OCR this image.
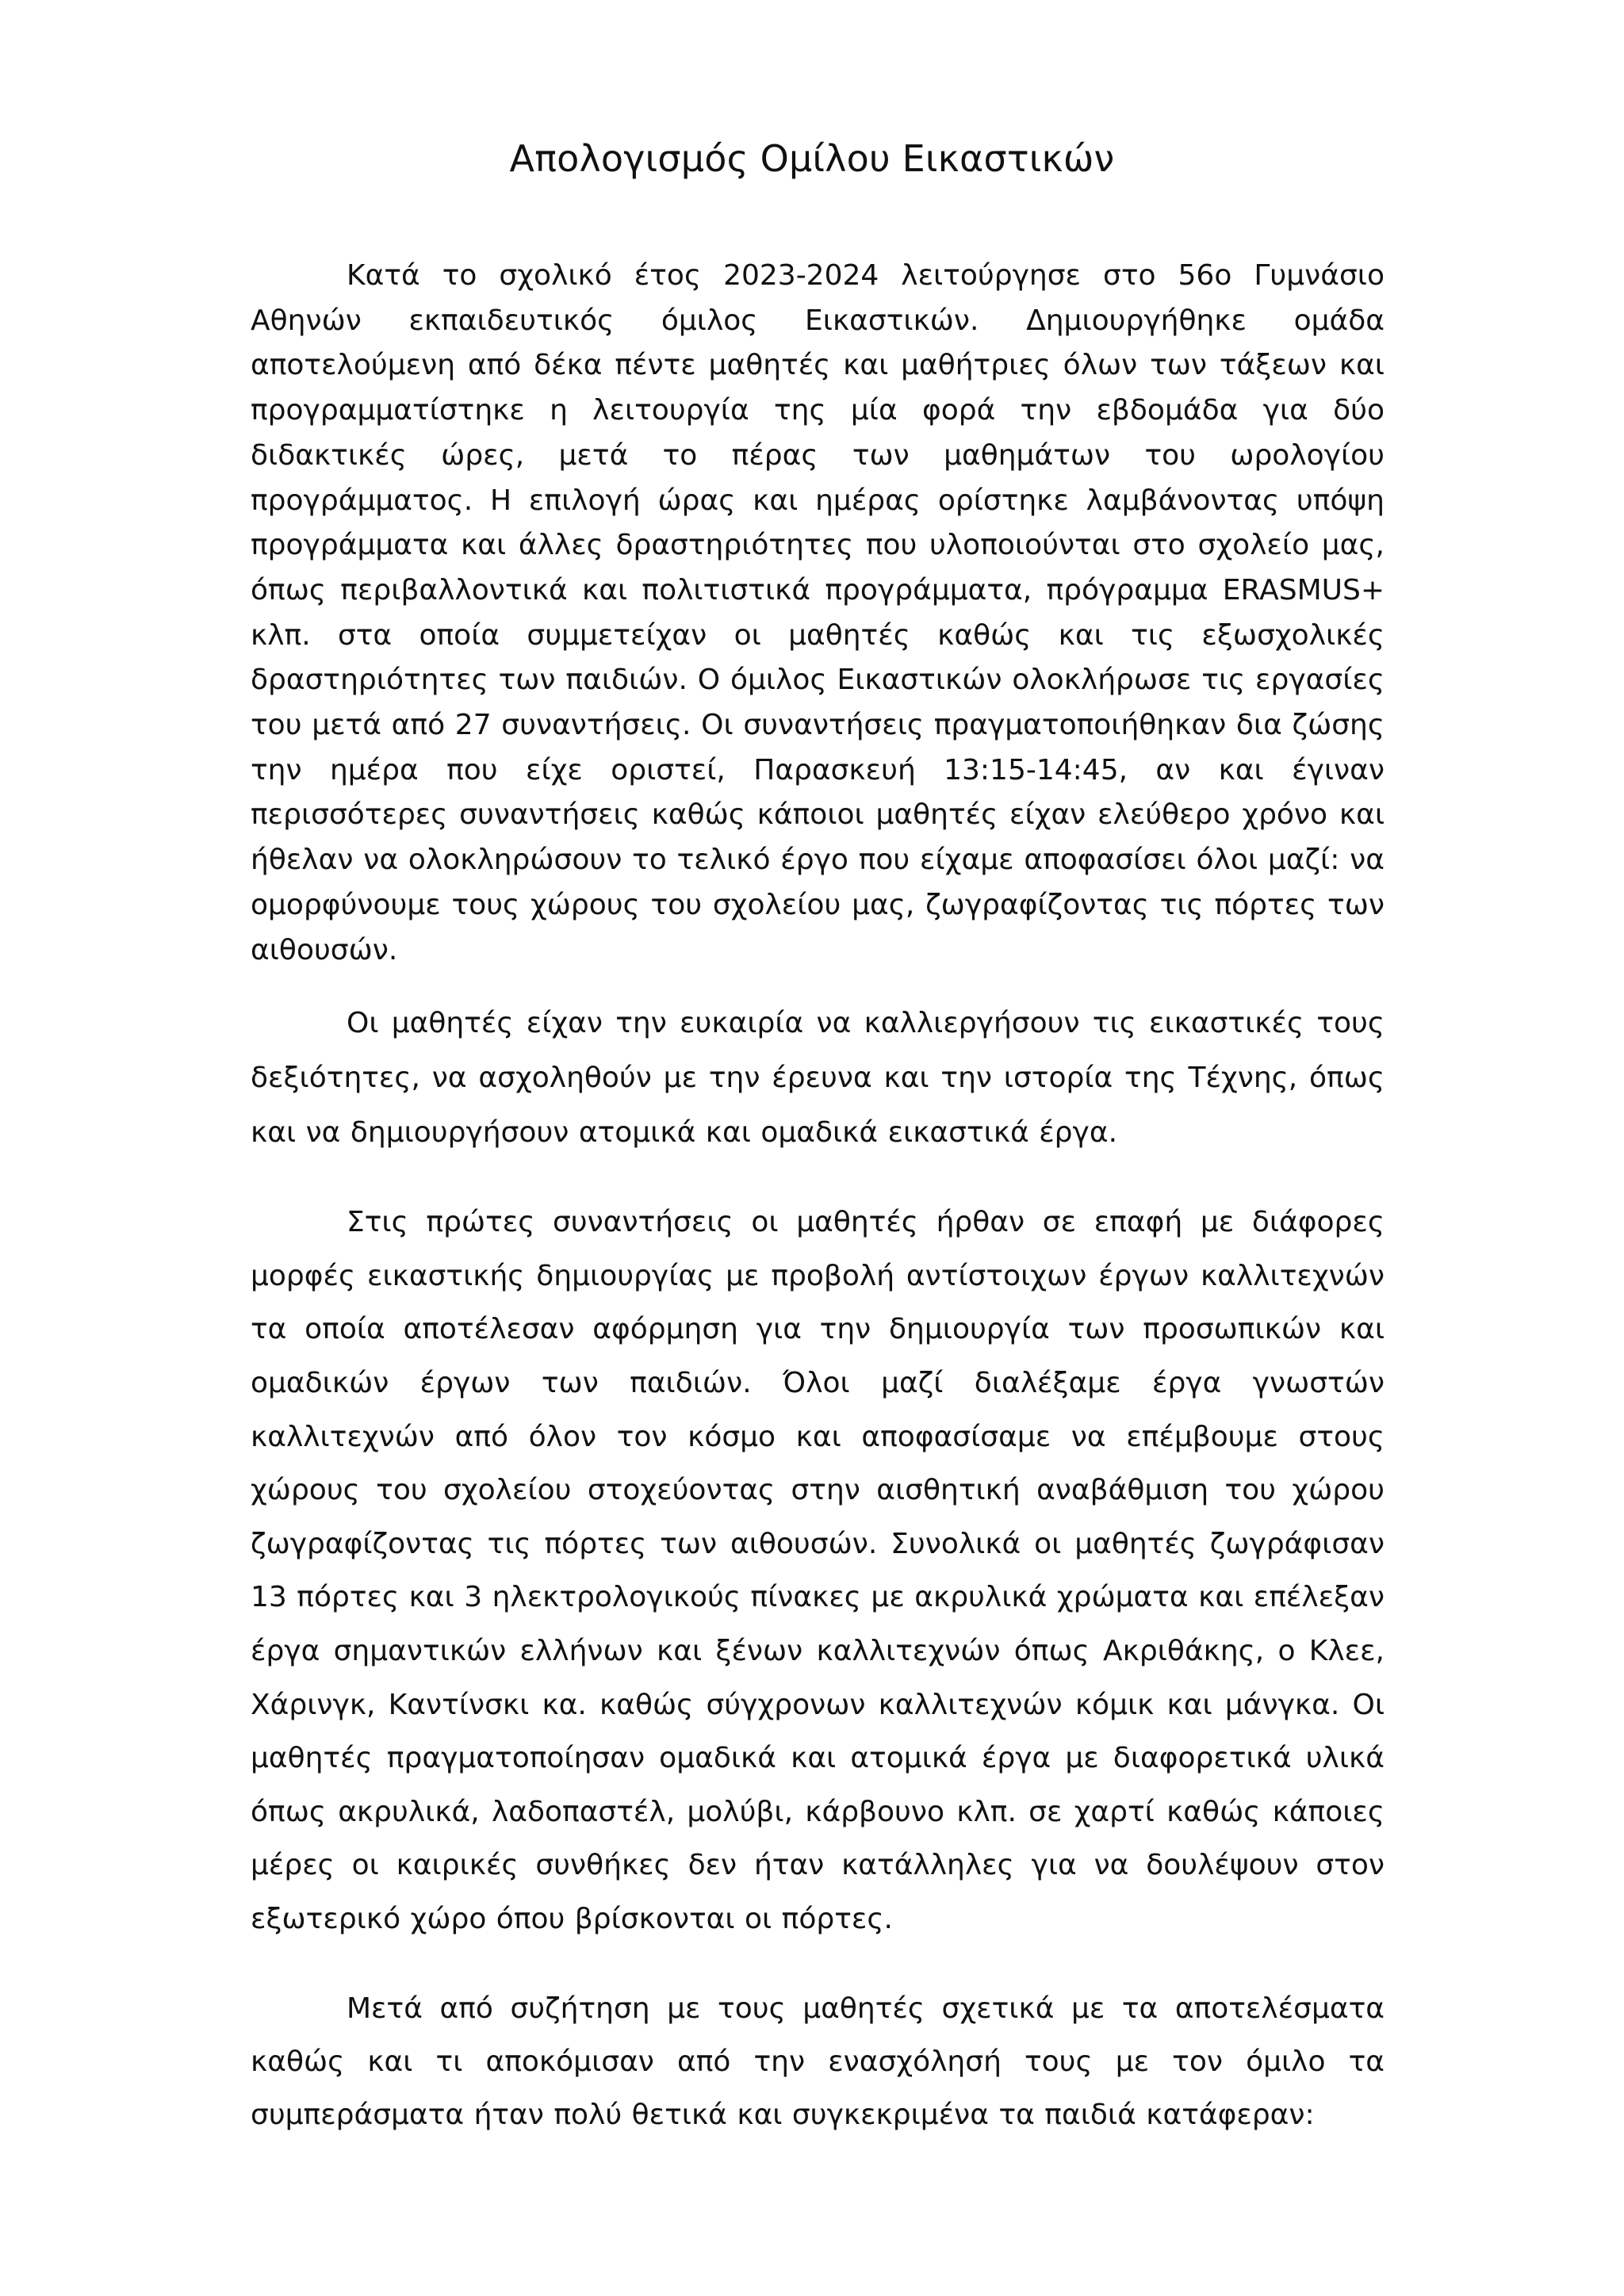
Απολογισμός Ομίλου Εικαστικών

Κατά το σχολικό έτος 2023-2024 λειτούργησε στο 56ο Γυμνάσιο Αθηνών εκπαιδευτικός όμιλος Εικαστικών. Δημιουργήθηκε ομάδα αποτελούμενη από δέκα πέντε μαθητές και μαθήτριες όλων των τάξεων και προγραμματίστηκε η λειτουργία της μία φορά την εβδομάδα για δύο διδακτικές ώρες, μετά το πέρας των μαθημάτων του ωρολογίου προγράμματος. Η επιλογή ώρας και ημέρας ορίστηκε λαμβάνοντας υπόψη προγράμματα και άλλες δραστηριότητες που υλοποιούνται στο σχολείο μας, όπως περιβαλλοντικά και πολιτιστικά προγράμματα, πρόγραμμα ERASMUS+ κλπ. στα οποία συμμετείχαν οι μαθητές καθώς και τις εξωσχολικές δραστηριότητες των παιδιών. Ο όμιλος Εικαστικών ολοκλήρωσε τις εργασίες του μετά από 27 συναντήσεις. Οι συναντήσεις πραγματοποιήθηκαν δια ζώσης την ημέρα που είχε οριστεί, Παρασκευή 13:15-14:45, αν και έγιναν περισσότερες συναντήσεις καθώς κάποιοι μαθητές είχαν ελεύθερο χρόνο και ήθελαν να ολοκληρώσουν το τελικό έργο που είχαμε αποφασίσει όλοι μαζί: να ομορφύνουμε τους χώρους του σχολείου μας, ζωγραφίζοντας τις πόρτες των αιθουσών.

Οι μαθητές είχαν την ευκαιρία να καλλιεργήσουν τις εικαστικές τους δεξιότητες, να ασχοληθούν με την έρευνα και την ιστορία της Τέχνης, όπως και να δημιουργήσουν ατομικά και ομαδικά εικαστικά έργα.

Στις πρώτες συναντήσεις οι μαθητές ήρθαν σε επαφή με διάφορες μορφές εικαστικής δημιουργίας με προβολή αντίστοιχων έργων καλλιτεχνών τα οποία αποτέλεσαν αφόρμηση για την δημιουργία των προσωπικών και ομαδικών έργων των παιδιών. Όλοι μαζί διαλέξαμε έργα γνωστών καλλιτεχνών από όλον τον κόσμο και αποφασίσαμε να επέμβουμε στους χώρους του σχολείου στοχεύοντας στην αισθητική αναβάθμιση του χώρου ζωγραφίζοντας τις πόρτες των αιθουσών. Συνολικά οι μαθητές ζωγράφισαν 13 πόρτες και 3 ηλεκτρολογικούς πίνακες με ακρυλικά χρώματα και επέλεξαν έργα σημαντικών ελλήνων και ξένων καλλιτεχνών όπως Ακριθάκης, ο Κλεε, Χάρινγκ, Καντίνσκι κα. καθώς σύγχρονων καλλιτεχνών κόμικ και μάνγκα. Οι μαθητές πραγματοποίησαν ομαδικά και ατομικά έργα με διαφορετικά υλικά όπως ακρυλικά, λαδοπαστέλ, μολύβι, κάρβουνο κλπ. σε χαρτί καθώς κάποιες μέρες οι καιρικές συνθήκες δεν ήταν κατάλληλες για να δουλέψουν στον εξωτερικό χώρο όπου βρίσκονται οι πόρτες.

Μετά από συζήτηση με τους μαθητές σχετικά με τα αποτελέσματα καθώς και τι αποκόμισαν από την ενασχόλησή τους με τον όμιλο τα συμπεράσματα ήταν πολύ θετικά και συγκεκριμένα τα παιδιά κατάφεραν:
